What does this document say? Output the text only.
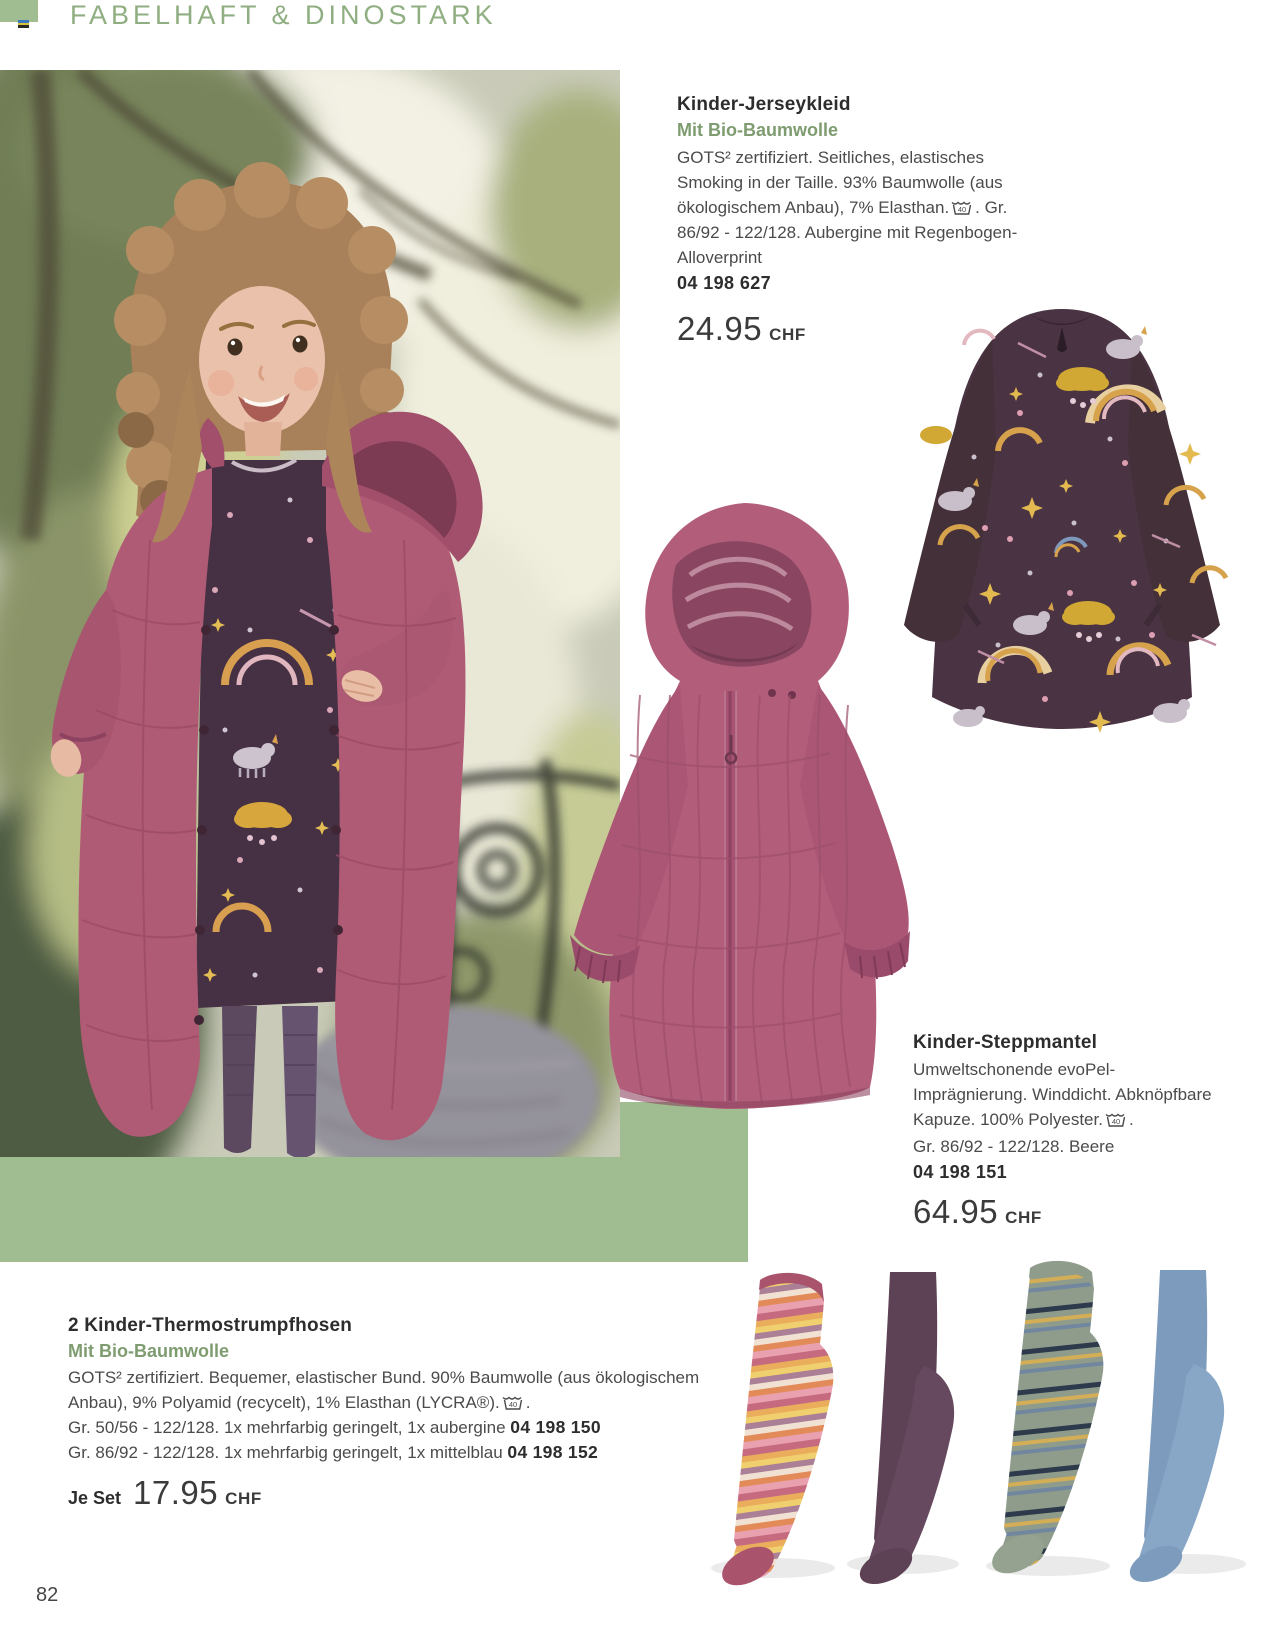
FABELHAFT & DINOSTARK
Kinder-Jerseykleid
Mit Bio-Baumwolle

GOTS² zertifiziert. Seitliches, elastisches Smoking in der Taille. 93% Baumwolle (aus ökologischem Anbau), 7% Elasthan. 40 . Gr. 86/92 - 122/128. Aubergine mit Regenbogen-Alloverprint

04 198 627
24.95 CHF
Kinder-Steppmantel

Umweltschonende evoPel-Imprägnierung. Winddicht. Abknöpfbare Kapuze. 100% Polyester. 40 .

Gr. 86/92 - 122/128. Beere
04 198 151
64.95 CHF
2 Kinder-Thermostrumpfhosen
Mit Bio-Baumwolle

GOTS² zertifiziert. Bequemer, elastischer Bund. 90% Baumwolle (aus ökologischem Anbau), 9% Polyamid (recycelt), 1% Elasthan (LYCRA®). 40 .

Gr. 50/56 - 122/128. 1x mehrfarbig geringelt, 1x aubergine 04 198 150
Gr. 86/92 - 122/128. 1x mehrfarbig geringelt, 1x mittelblau 04 198 152
Je Set 17.95 CHF
82
